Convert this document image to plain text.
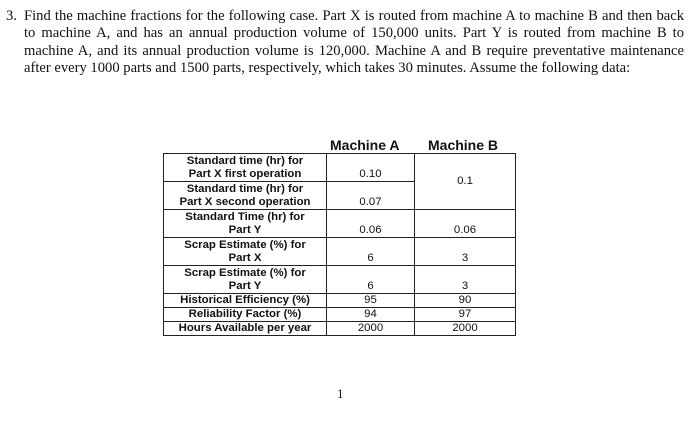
3. Find the machine fractions for the following case. Part X is routed from machine A to machine B and then back to machine A, and has an annual production volume of 150,000 units. Part Y is routed from machine B to machine A, and its annual production volume is 120,000. Machine A and B require preventative maintenance after every 1000 parts and 1500 parts, respectively, which takes 30 minutes. Assume the following data:
Machine A Machine B
Standard time (hr) for
Part X first operation	0.10	0.1

Standard time (hr) for
Part X second operation	0.07	

Standard Time (hr) for
Part Y	0.06	0.06

Scrap Estimate (%) for
Part X	6	3

Scrap Estimate (%) for
Part Y	6	3
Historical Efficiency (%)	95	90
Reliability Factor (%)	94	97
Hours Available per year	2000	2000
1
